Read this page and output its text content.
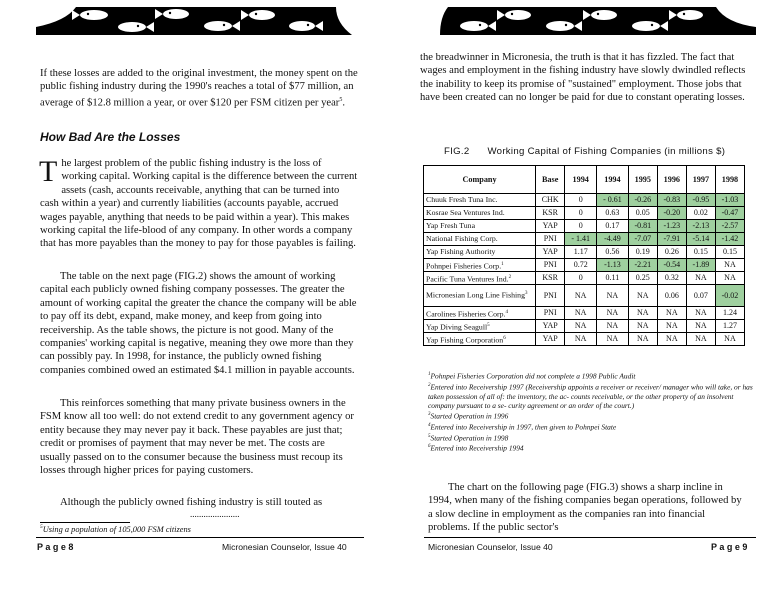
If these losses are added to the original investment, the money spent on the public fishing industry during the 1990's reaches a total of $77 million, an average of $12.8 million a year, or over $120 per FSM citizen per year$^5$.
How Bad Are the Losses
The largest problem of the public fishing industry is the loss of working capital. Working capital is the difference between the current assets (cash, accounts receivable, anything that can be turned into cash within a year) and currently liabilities (accounts payable, accrued wages payable, anything that needs to be paid within a year). This makes working capital the life-blood of any company. In other words a company that has more payables than the money to pay for those payables is failing.
The table on the next page (FIG.2) shows the amount of working capital each publicly owned fishing company possesses. The greater the amount of working capital the greater the chance the company will be able to pay off its debt, expand, make money, and keep from going into receivership. As the table shows, the picture is not good. Many of the companies' working capital is negative, meaning they owe more than they can possibly pay. In 1998, for instance, the publicly owned fishing companies combined owed an estimated $4.1 million in payable accounts.
This reinforces something that many private business owners in the FSM know all too well: do not extend credit to any government agency or entity because they may never pay it back. These payables are just that; credit or promises of payment that may never be met. The costs are usually passed on to the consumer because the business must recoup its losses through higher prices for paying customers.
Although the publicly owned fishing industry is still touted as
......................
$^5$Using a population of 105,000 FSM citizens
P a g e 8	Micronesian Counselor, Issue 40
the breadwinner in Micronesia, the truth is that it has fizzled. The fact that wages and employment in the fishing industry have slowly dwindled reflects the inability to keep its promise of "sustained" employment. Those jobs that have been created can no longer be paid for due to constant operating losses.
FIG.2 Working Capital of Fishing Companies (in millions $)
Company	Base	1994	1994	1995	1996	1997	1998
Chuuk Fresh Tuna Inc.	CHK	0	- 0.61	-0.26	-0.83	-0.95	-1.03
Kosrae Sea Ventures Ind.	KSR	0	0.63	0.05	-0.20	0.02	-0.47
Yap Fresh Tuna	YAP	0	0.17	-0.81	-1.23	-2.13	-2.57
National Fishing Corp.	PNI	- 1.41	-4.49	-7.07	-7.91	-5.14	-1.42
Yap Fishing Authority	YAP	1.17	0.56	0.19	0.26	0.15	0.15
Pohnpei Fisheries Corp.$^1$	PNI	0.72	-1.13	-2.21	-0.54	-1.89	NA
Pacific Tuna Ventures Ind.$^2$	KSR	0	0.11	0.25	0.32	NA	NA
Micronesian Long Line Fishing$^3$	PNI	NA	NA	NA	0.06	0.07	-0.02
Carolines Fisheries Corp.$^4$	PNI	NA	NA	NA	NA	NA	1.24
Yap Diving Seagull$^5$	YAP	NA	NA	NA	NA	NA	1.27
Yap Fishing Corporation$^6$	YAP	NA	NA	NA	NA	NA	NA
$^1$Pohnpei Fisheries Corporation did not complete a 1998 Public Audit
$^2$Entered into Receivership 1997 (Receivership appoints a receiver or receiver/ manager who will take, or has taken possession of all of: the inventory, the ac- counts receivable, or the other property of an insolvent company pursuant to a se- curity agreement or an order of the court.)
$^3$Started Operation in 1996
$^4$Entered into Receivership in 1997, then given to Pohnpei State
$^5$Started Operation in 1998
$^6$Entered into Receivership 1994
The chart on the following page (FIG.3) shows a sharp incline in 1994, when many of the fishing companies began operations, followed by a slow decline in employment as the companies ran into financial problems. If the public sector's
Micronesian Counselor, Issue 40	P a g e 9
